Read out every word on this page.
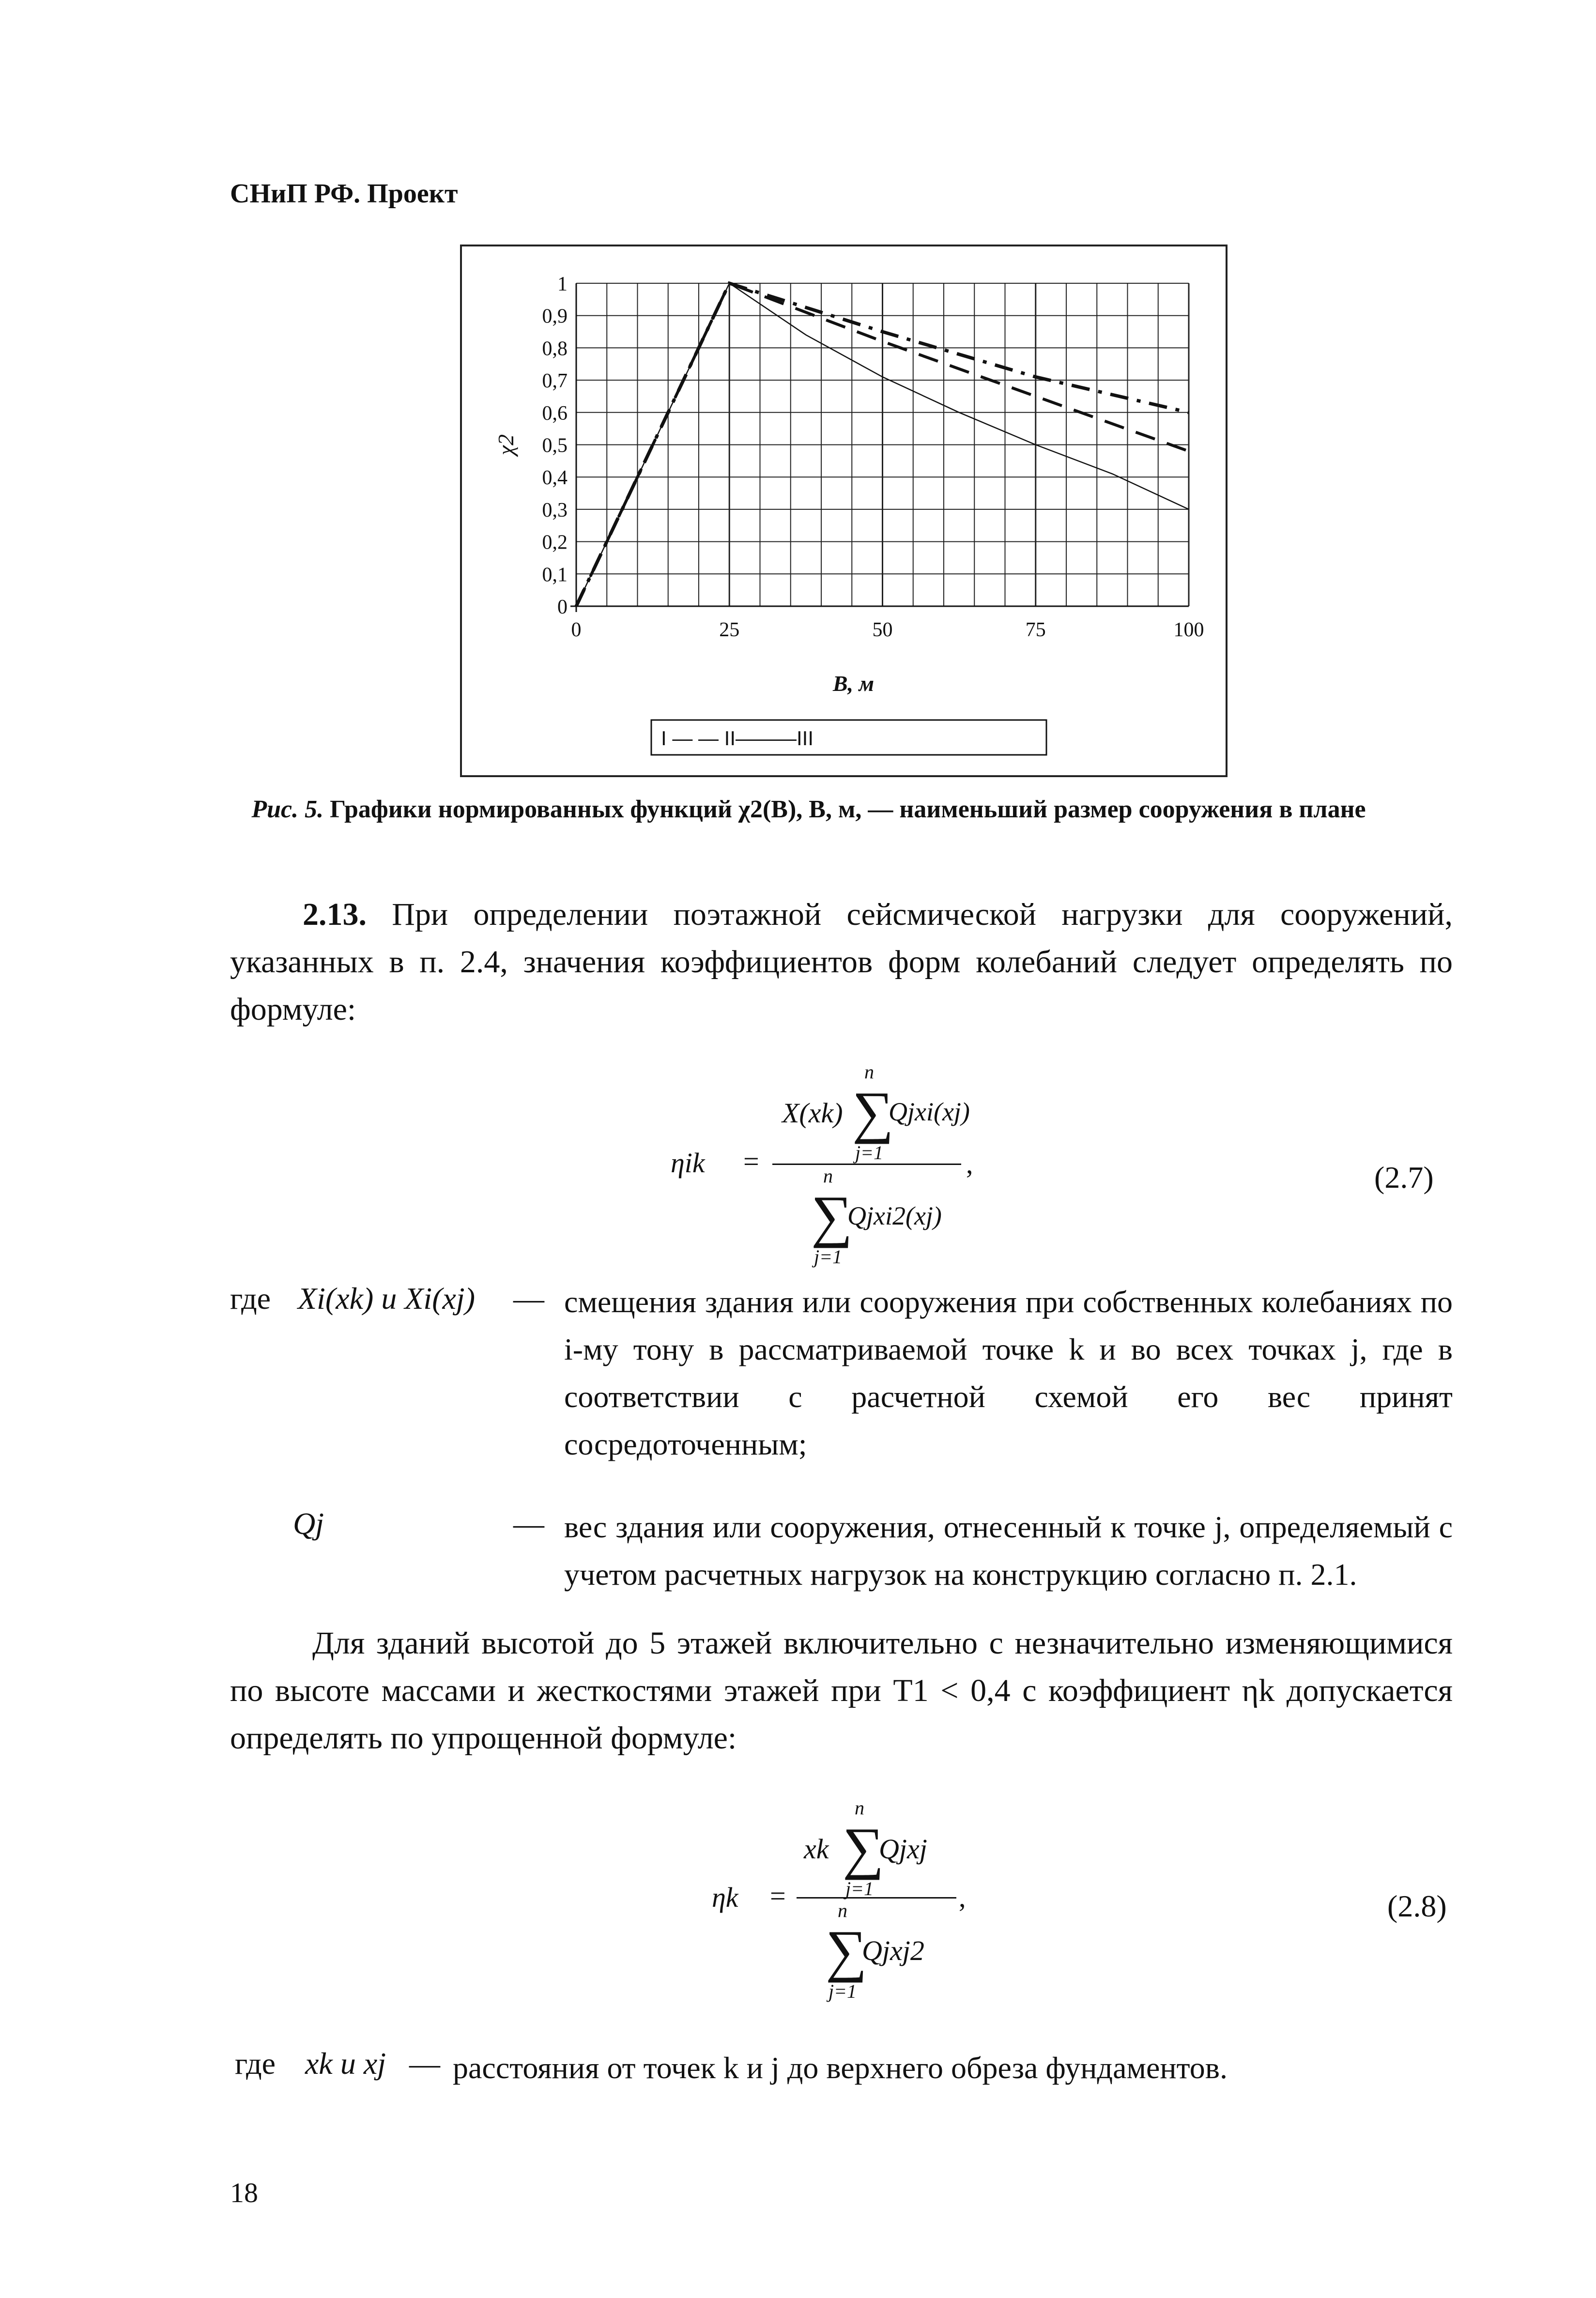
СНиП РФ. Проект
0
0,1
0,2
0,3
0,4
0,5
0,6
0,7
0,8
0,9
1
0	25	50	75	100
χ2
B, м
I — — II———III
Рис. 5. Графики нормированных функций χ2(B), B, м, — наименьший размер сооружения в плане
2.13. При определении поэтажной сейсмической нагрузки для сооружений, указанных в п. 2.4, значения коэффициентов форм колебаний следует определять по формуле:
ηik =
X(xk)
n
∑
j=1
Qjxi(xj)
n
∑
j=1
Qjxi2(xj)
,	(2.7)
где Xi(xk) и Xi(xj) — смещения здания или сооружения при собственных колебаниях по i-му тону в рассматриваемой точке k и во всех точках j, где в соответствии с расчетной схемой его вес принят сосредоточенным;
Qj	— вес здания или сооружения, отнесенный к точке j, определяемый с учетом расчетных нагрузок на конструкцию согласно п. 2.1.
Для зданий высотой до 5 этажей включительно с незначительно изменяющимися по высоте массами и жесткостями этажей при T1 < 0,4 с коэффициент ηk допускается определять по упрощенной формуле:
ηk =
xk
n
∑
j=1
Qjxj
n
∑
j=1
Qjxj2
,	(2.8)
где xk и xj — расстояния от точек k и j до верхнего обреза фундаментов.
18
